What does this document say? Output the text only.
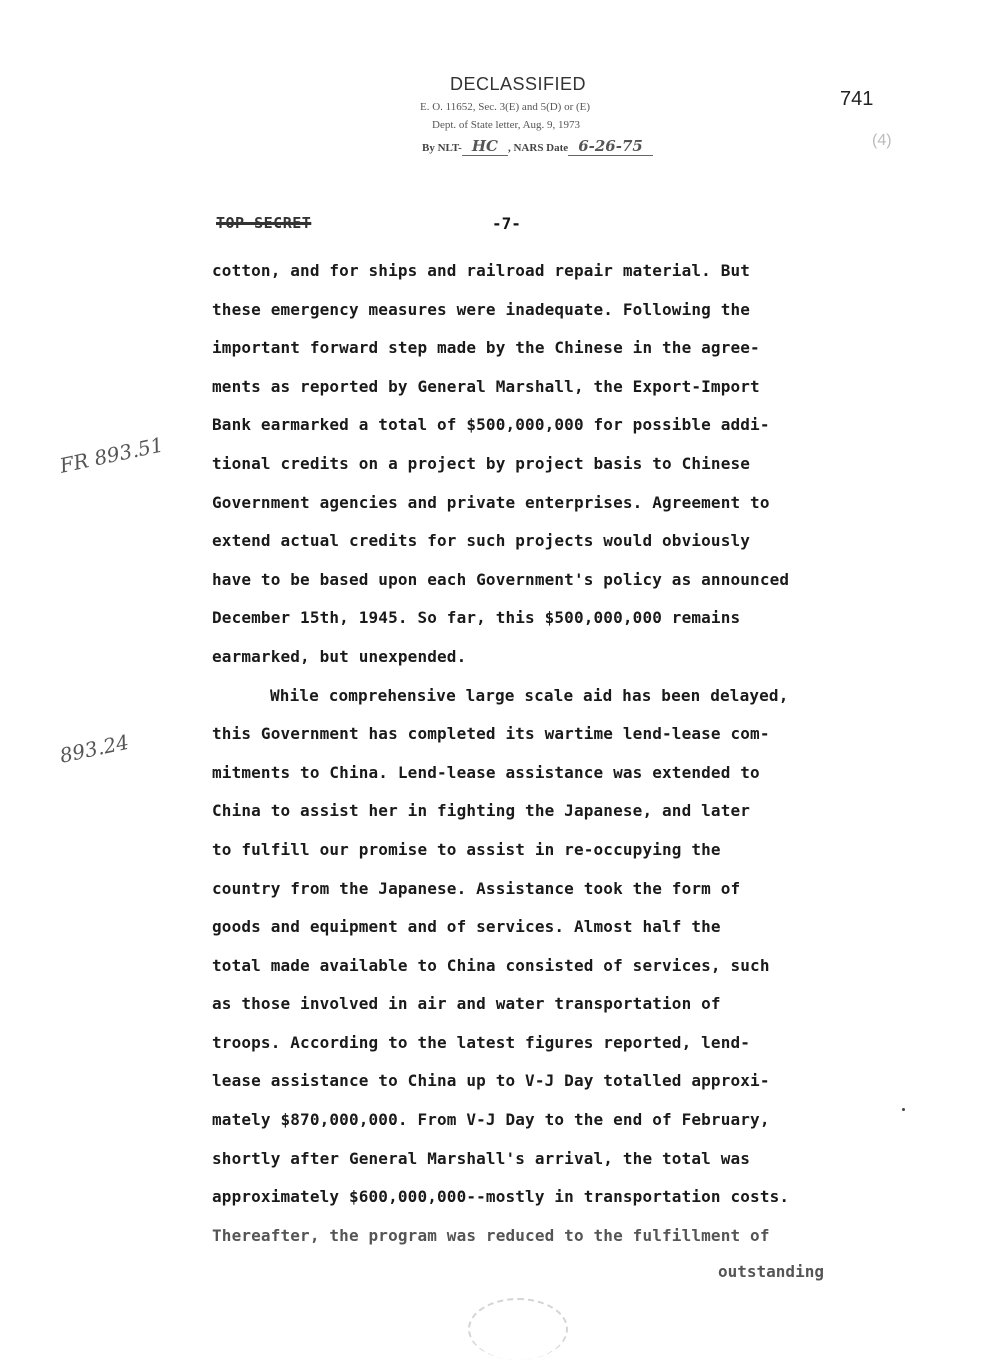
DECLASSIFIED
E. O. 11652, Sec. 3(E) and 5(D) or (E)
Dept. of State letter, Aug. 9, 1973
By NLT- HC , NARS Date 6-26-75
741
(4)
TOP SECRET	-7-
FR 893.51
893.24
cotton, and for ships and railroad repair material. But
these emergency measures were inadequate. Following the
important forward step made by the Chinese in the agree-
ments as reported by General Marshall, the Export-Import
Bank earmarked a total of $500,000,000 for possible addi-
tional credits on a project by project basis to Chinese
Government agencies and private enterprises. Agreement to
extend actual credits for such projects would obviously
have to be based upon each Government's policy as announced
December 15th, 1945. So far, this $500,000,000 remains
earmarked, but unexpended.
While comprehensive large scale aid has been delayed,
this Government has completed its wartime lend-lease com-
mitments to China. Lend-lease assistance was extended to
China to assist her in fighting the Japanese, and later
to fulfill our promise to assist in re-occupying the
country from the Japanese. Assistance took the form of
goods and equipment and of services. Almost half the
total made available to China consisted of services, such
as those involved in air and water transportation of
troops. According to the latest figures reported, lend-
lease assistance to China up to V-J Day totalled approxi-
mately $870,000,000. From V-J Day to the end of February,
shortly after General Marshall's arrival, the total was
approximately $600,000,000--mostly in transportation costs.
Thereafter, the program was reduced to the fulfillment of
outstanding
